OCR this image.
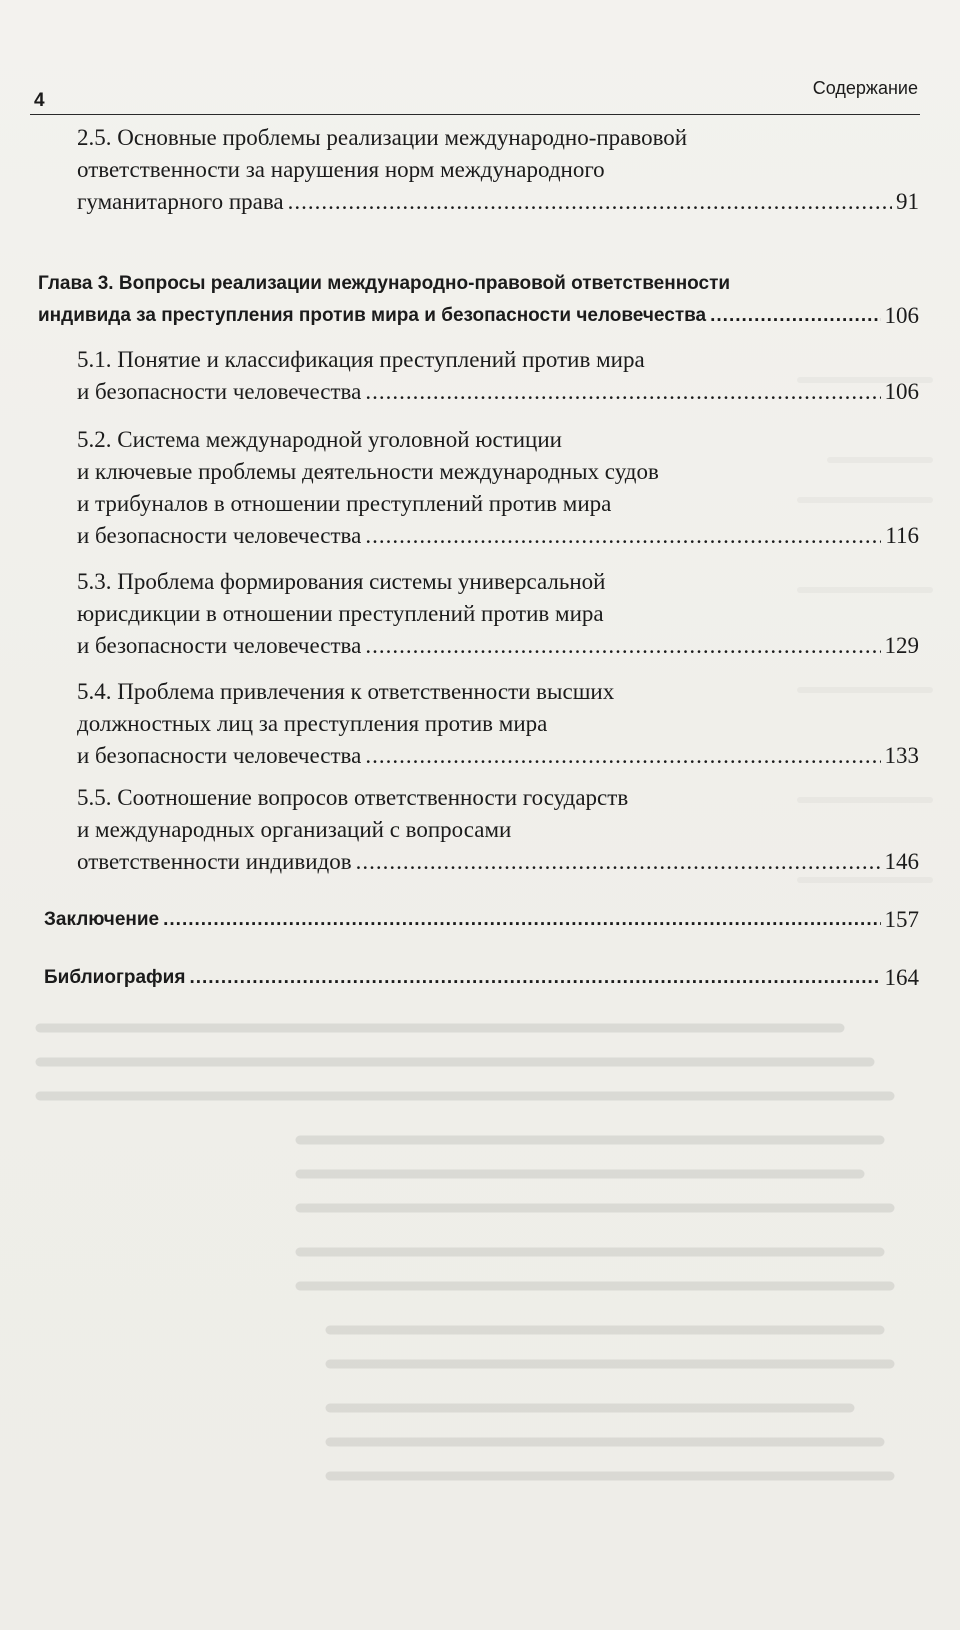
4
Содержание
2.5. Основные проблемы реализации международно-правовой
ответственности за нарушения норм международного
гуманитарного права .....	91
Глава 3. Вопросы реализации международно-правовой ответственности
индивида за преступления против мира и безопасности человечества .....	106
5.1. Понятие и классификация преступлений против мира
и безопасности человечества .....	106
5.2. Система международной уголовной юстиции
и ключевые проблемы деятельности международных судов
и трибуналов в отношении преступлений против мира
и безопасности человечества .....	116
5.3. Проблема формирования системы универсальной
юрисдикции в отношении преступлений против мира
и безопасности человечества .....	129
5.4. Проблема привлечения к ответственности высших
должностных лиц за преступления против мира
и безопасности человечества .....	133
5.5. Соотношение вопросов ответственности государств
и международных организаций с вопросами
ответственности индивидов .....	146
Заключение .....	157
Библиография .....	164
